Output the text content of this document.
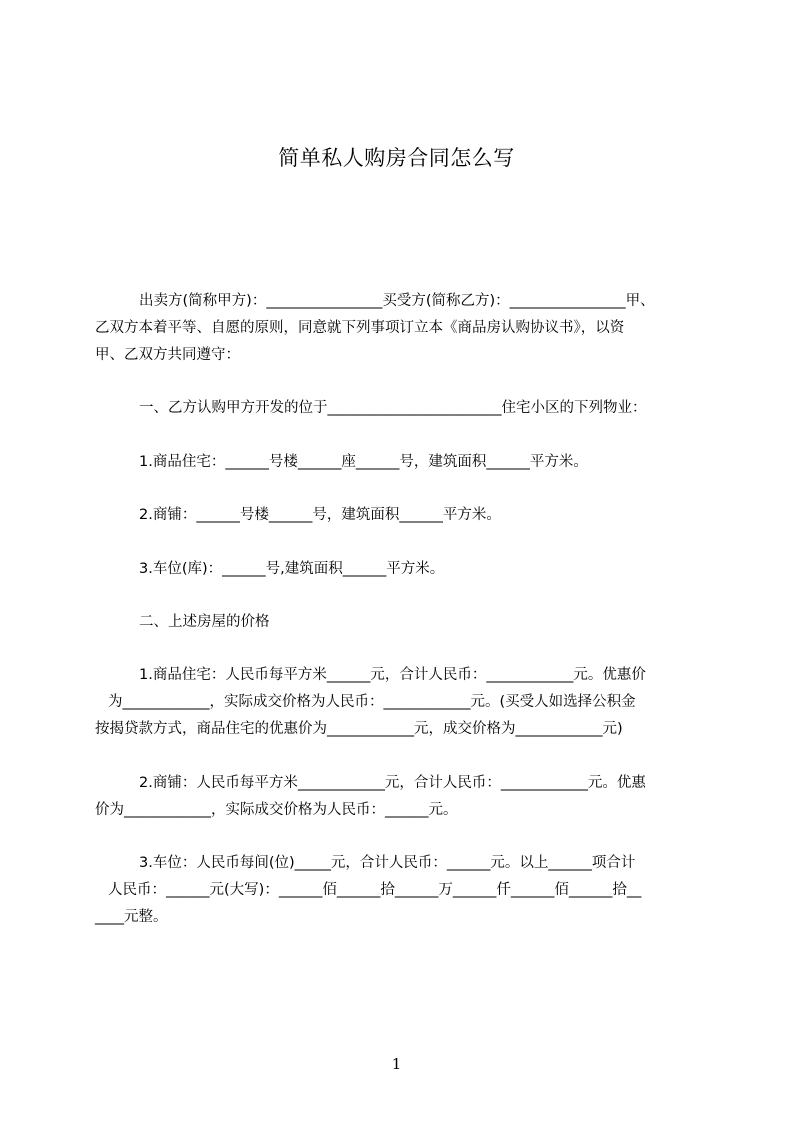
简单私人购房合同怎么写
出卖方(简称甲方)：________________买受方(简称乙方)：________________甲、
乙双方本着平等、自愿的原则，同意就下列事项订立本《商品房认购协议书》，以资
甲、乙双方共同遵守：
一、乙方认购甲方开发的位于________________________住宅小区的下列物业：
1.商品住宅：______号楼______座______号，建筑面积______平方米。
2.商铺：______号楼______号，建筑面积______平方米。
3.车位(库)：______号,建筑面积______平方米。
二、上述房屋的价格
1.商品住宅：人民币每平方米______元，合计人民币：____________元。优惠价
为____________，实际成交价格为人民币：____________元。(买受人如选择公积金
按揭贷款方式，商品住宅的优惠价为____________元，成交价格为____________元)
2.商铺：人民币每平方米____________元，合计人民币：____________元。优惠
价为____________，实际成交价格为人民币：______元。
3.车位：人民币每间(位)_____元，合计人民币：______元。以上______项合计
人民币：______元(大写)：______佰______拾______万______仟______佰______拾__
____元整。
1
